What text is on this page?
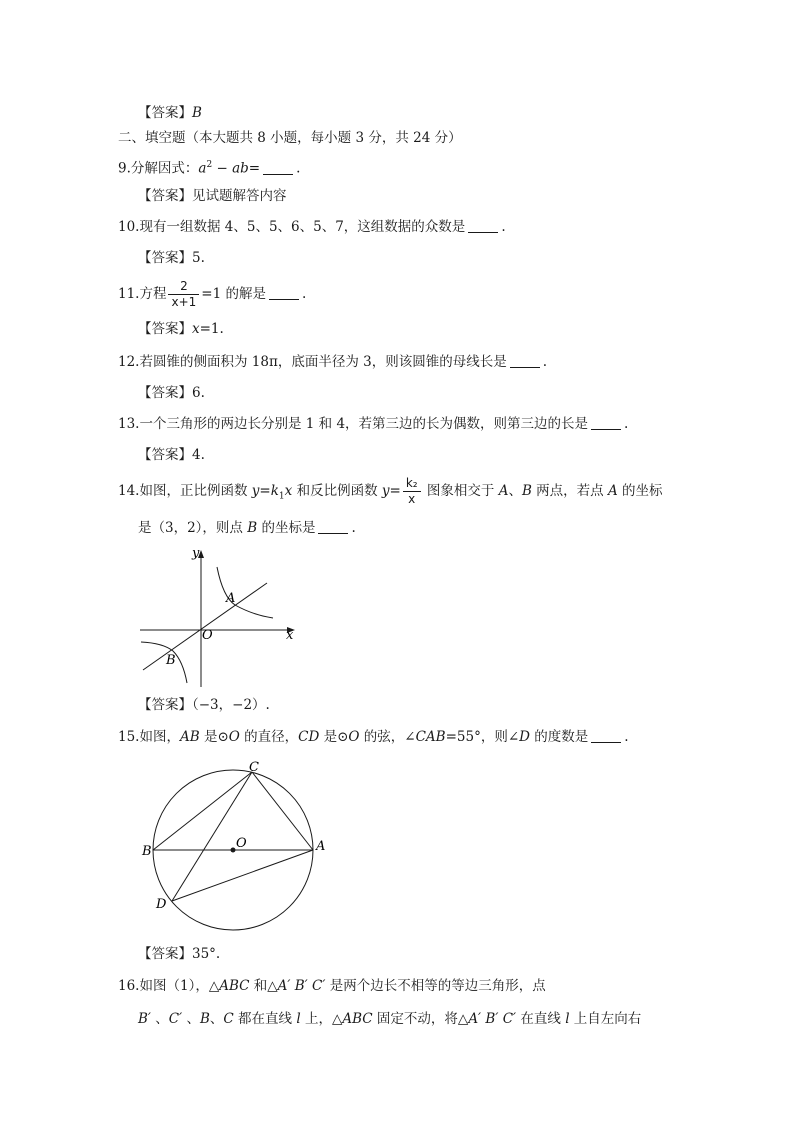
【答案】B
二、填空题（本大题共 8 小题，每小题 3 分，共 24 分）
9.分解因式：$a^2 - ab=$	.
【答案】见试题解答内容
10.现有一组数据 4、5、5、6、5、7，这组数据的众数是	.
【答案】5.
11.方程 $\frac{2}{x+1} =1$ 的解是	.
【答案】x=1.
12.若圆锥的侧面积为 18π，底面半径为 3，则该圆锥的母线长是	.
【答案】6.
13.一个三角形的两边长分别是 1 和 4，若第三边的长为偶数，则第三边的长是	.
【答案】4.
14.如图，正比例函数 $y=k_1x$ 和反比例函数 $y= \frac{\text{k₂}}{x}$ 图象相交于 A、B 两点，若点 A 的坐标
是（3，2），则点 B 的坐标是	.
y
x
O
A
B
【答案】（−3，−2）.
15.如图，AB 是⊙O 的直径，CD 是⊙O 的弦，∠CAB=55°，则∠D 的度数是	.
O	A
B
C
D
【答案】35°.
16.如图（1），△ABC 和△A′ B′ C′ 是两个边长不相等的等边三角形，点
B′ 、C′ 、B、C 都在直线 l 上，△ABC 固定不动，将△A′ B′ C′ 在直线 l 上自左向右
